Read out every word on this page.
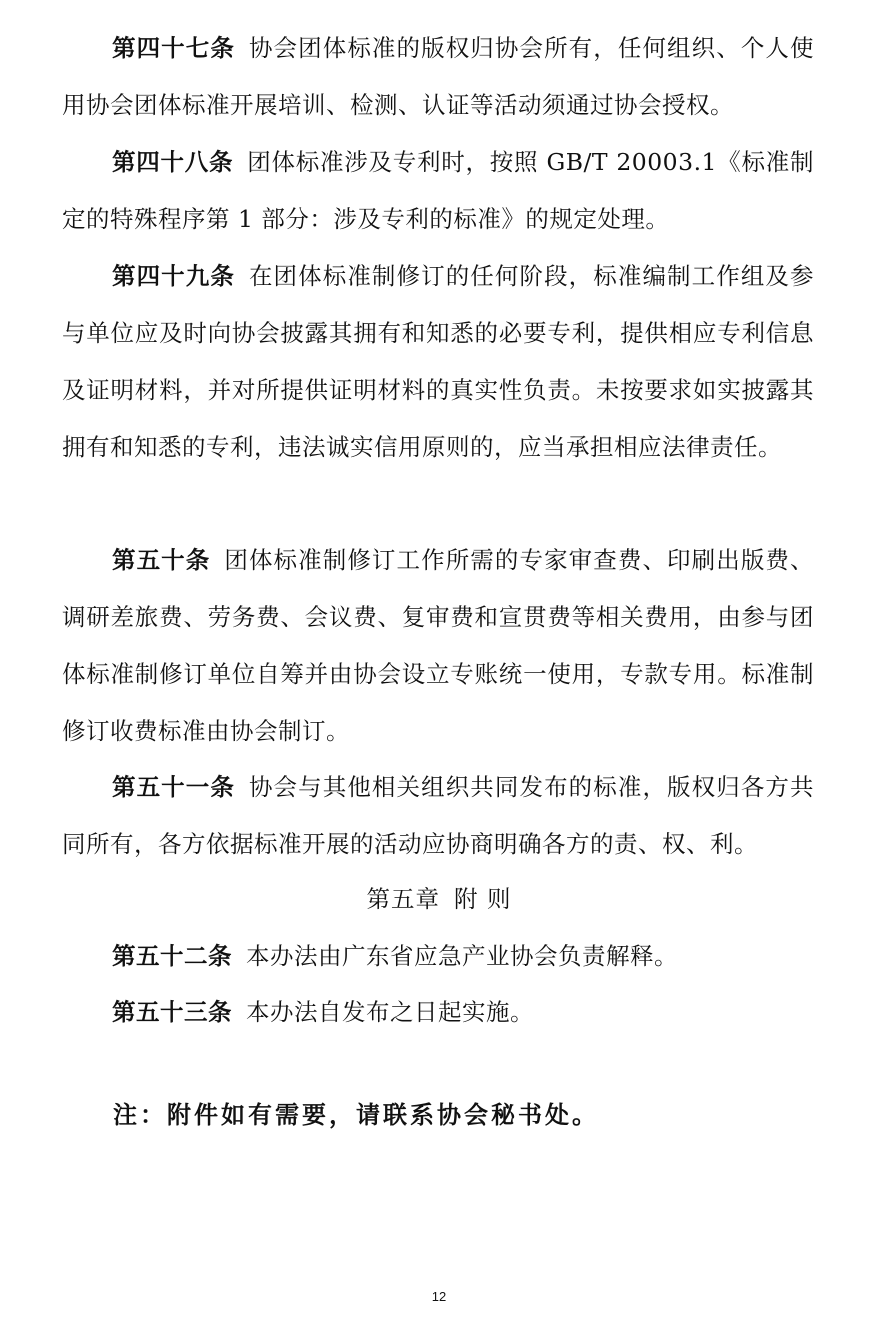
第四十七条 协会团体标准的版权归协会所有，任何组织、个人使用协会团体标准开展培训、检测、认证等活动须通过协会授权。

第四十八条 团体标准涉及专利时，按照 GB/T 20003.1《标准制定的特殊程序第 1 部分：涉及专利的标准》的规定处理。

第四十九条 在团体标准制修订的任何阶段，标准编制工作组及参与单位应及时向协会披露其拥有和知悉的必要专利，提供相应专利信息及证明材料，并对所提供证明材料的真实性负责。未按要求如实披露其拥有和知悉的专利，违法诚实信用原则的，应当承担相应法律责任。

第五十条 团体标准制修订工作所需的专家审查费、印刷出版费、调研差旅费、劳务费、会议费、复审费和宣贯费等相关费用，由参与团体标准制修订单位自筹并由协会设立专账统一使用，专款专用。标准制修订收费标准由协会制订。

第五十一条 协会与其他相关组织共同发布的标准，版权归各方共同所有，各方依据标准开展的活动应协商明确各方的责、权、利。

第五章 附 则

第五十二条 本办法由广东省应急产业协会负责解释。

第五十三条 本办法自发布之日起实施。

注：附件如有需要，请联系协会秘书处。

12
